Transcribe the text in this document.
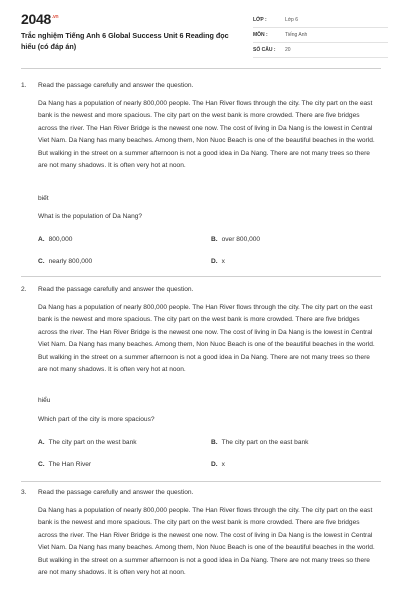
$2048^{.vn}$
Trắc nghiệm Tiếng Anh 6 Global Success Unit 6 Reading đọc hiểu (có đáp án)
LỚP :	Lớp 6
MÔN :	Tiếng Anh
SỐ CÂU : 20
1. Read the passage carefully and answer the question.

Da Nang has a population of nearly 800,000 people. The Han River flows through the city. The city part on the east bank is the newest and more spacious. The city part on the west bank is more crowded. There are five bridges across the river. The Han River Bridge is the newest one now. The cost of living in Da Nang is the lowest in Central Viet Nam. Da Nang has many beaches. Among them, Non Nuoc Beach is one of the beautiful beaches in the world. But walking in the street on a summer afternoon is not a good idea in Da Nang. There are not many trees so there are not many shadows. It is often very hot at noon.

biết
What is the population of Da Nang?
A. 800,000	B. over 800,000
C. nearly 800,000	D. x
2. Read the passage carefully and answer the question.

Da Nang has a population of nearly 800,000 people. The Han River flows through the city. The city part on the east bank is the newest and more spacious. The city part on the west bank is more crowded. There are five bridges across the river. The Han River Bridge is the newest one now. The cost of living in Da Nang is the lowest in Central Viet Nam. Da Nang has many beaches. Among them, Non Nuoc Beach is one of the beautiful beaches in the world. But walking in the street on a summer afternoon is not a good idea in Da Nang. There are not many trees so there are not many shadows. It is often very hot at noon.

hiểu
Which part of the city is more spacious?
A. The city part on the west bank	B. The city part on the east bank
C. The Han River	D. x
3. Read the passage carefully and answer the question.

Da Nang has a population of nearly 800,000 people. The Han River flows through the city. The city part on the east bank is the newest and more spacious. The city part on the west bank is more crowded. There are five bridges across the river. The Han River Bridge is the newest one now. The cost of living in Da Nang is the lowest in Central Viet Nam. Da Nang has many beaches. Among them, Non Nuoc Beach is one of the beautiful beaches in the world. But walking in the street on a summer afternoon is not a good idea in Da Nang. There are not many trees so there are not many shadows. It is often very hot at noon.
